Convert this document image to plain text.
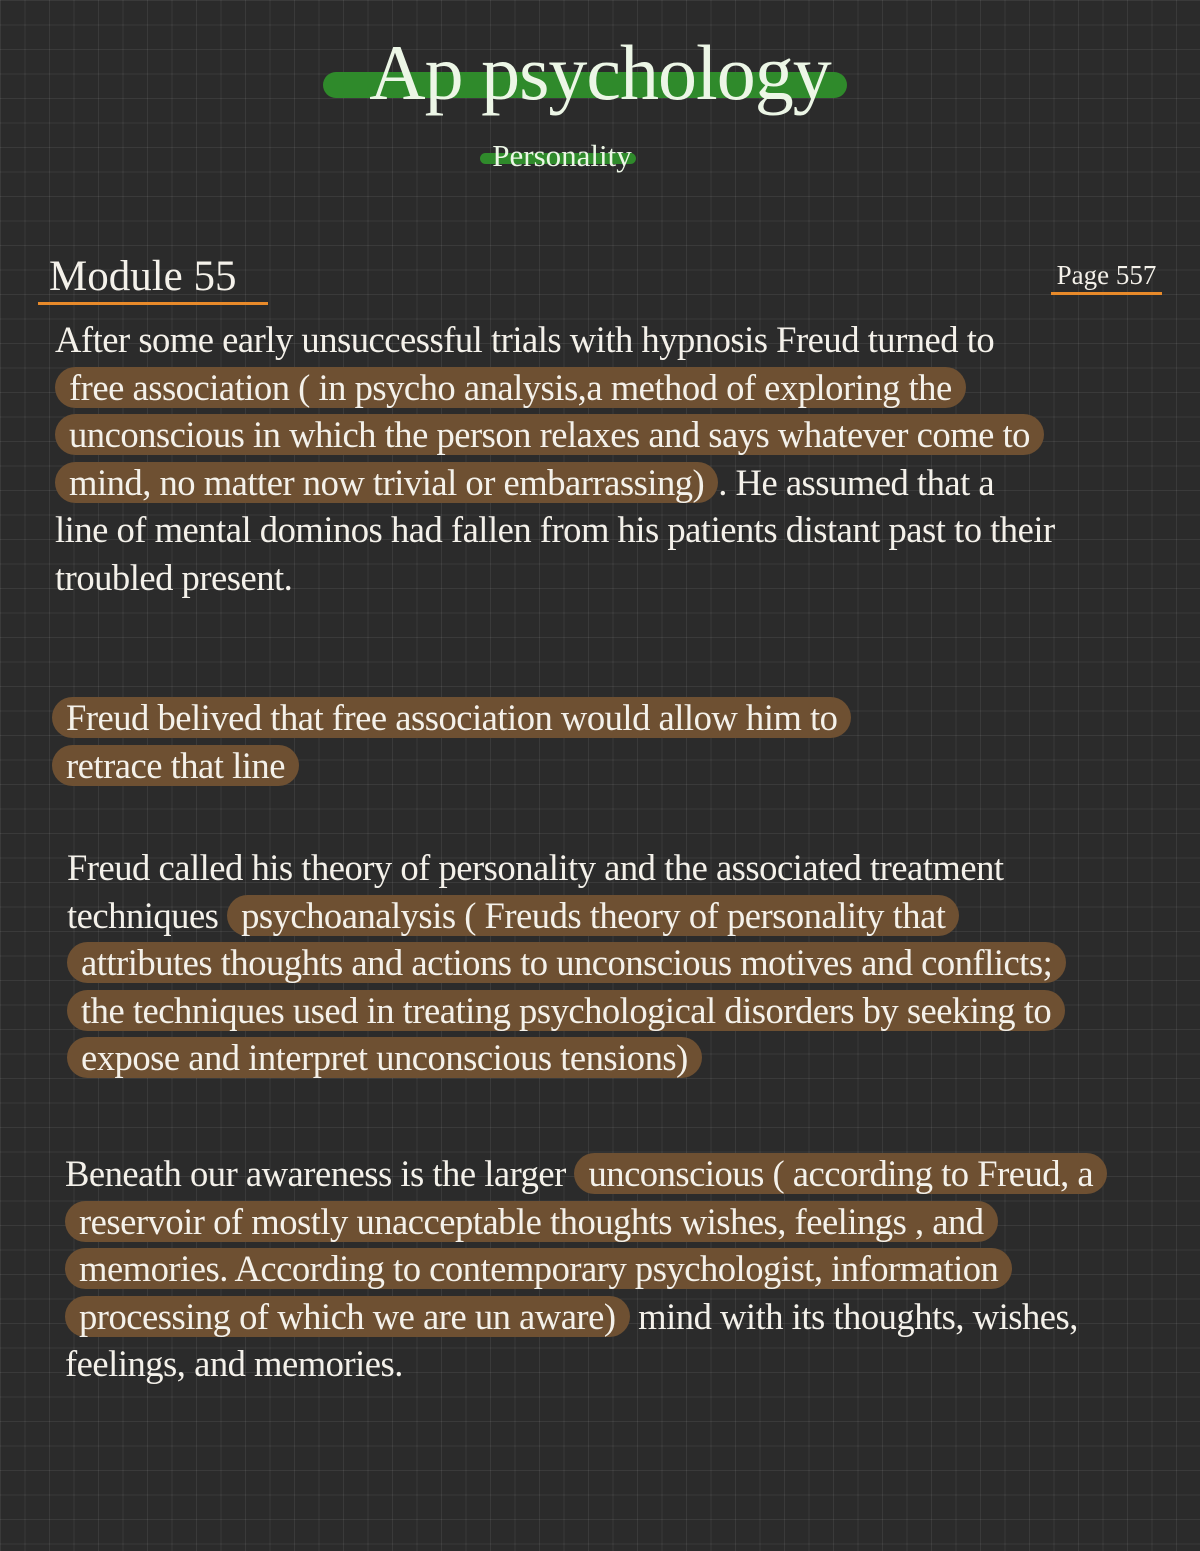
Ap psychology
Personality
Module 55	Page 557

After some early unsuccessful trials with hypnosis Freud turned to free association ( in psycho analysis,a method of exploring the unconscious in which the person relaxes and says whatever come to mind, no matter now trivial or embarrassing) . He assumed that a line of mental dominos had fallen from his patients distant past to their troubled present.

Freud belived that free association would allow him to retrace that line

Freud called his theory of personality and the associated treatment techniques psychoanalysis ( Freuds theory of personality that attributes thoughts and actions to unconscious motives and conflicts; the techniques used in treating psychological disorders by seeking to expose and interpret unconscious tensions)

Beneath our awareness is the larger unconscious ( according to Freud, a reservoir of mostly unacceptable thoughts wishes, feelings , and memories. According to contemporary psychologist, information processing of which we are un aware) mind with its thoughts, wishes, feelings, and memories.
